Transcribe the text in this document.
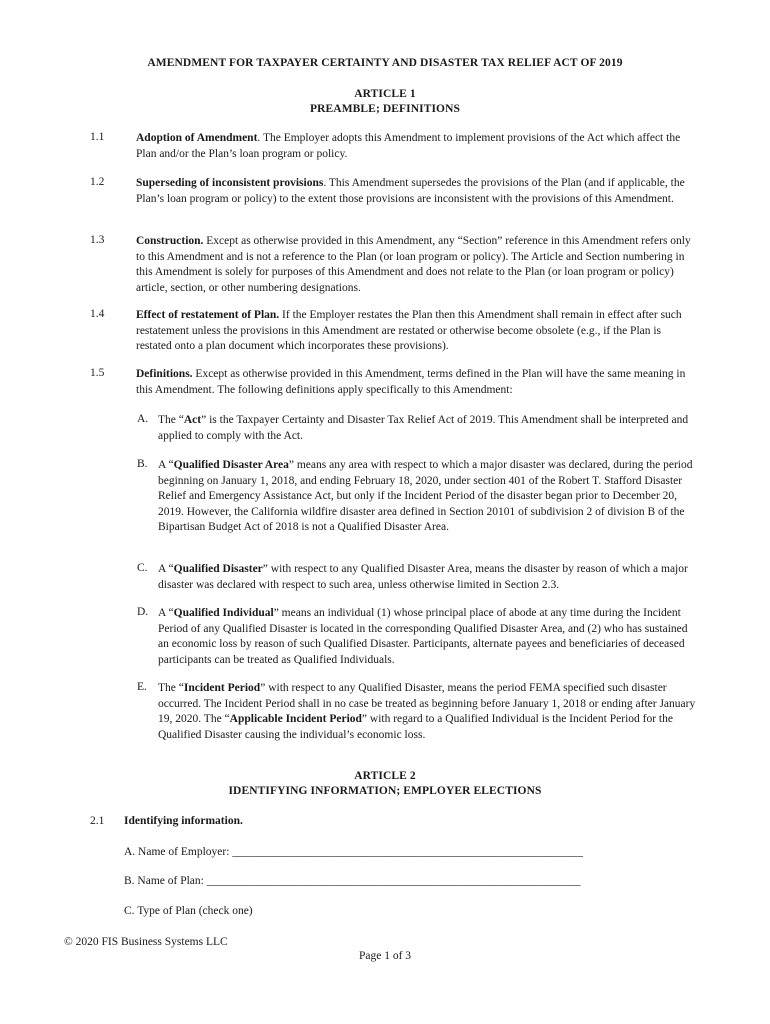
AMENDMENT FOR TAXPAYER CERTAINTY AND DISASTER TAX RELIEF ACT OF 2019
ARTICLE 1
PREAMBLE; DEFINITIONS
1.1	Adoption of Amendment. The Employer adopts this Amendment to implement provisions of the Act which affect the Plan and/or the Plan’s loan program or policy.
1.2	Superseding of inconsistent provisions. This Amendment supersedes the provisions of the Plan (and if applicable, the Plan’s loan program or policy) to the extent those provisions are inconsistent with the provisions of this Amendment.
1.3	Construction. Except as otherwise provided in this Amendment, any “Section” reference in this Amendment refers only to this Amendment and is not a reference to the Plan (or loan program or policy). The Article and Section numbering in this Amendment is solely for purposes of this Amendment and does not relate to the Plan (or loan program or policy) article, section, or other numbering designations.
1.4	Effect of restatement of Plan. If the Employer restates the Plan then this Amendment shall remain in effect after such restatement unless the provisions in this Amendment are restated or otherwise become obsolete (e.g., if the Plan is restated onto a plan document which incorporates these provisions).
1.5	Definitions. Except as otherwise provided in this Amendment, terms defined in the Plan will have the same meaning in this Amendment. The following definitions apply specifically to this Amendment:
A. The “Act” is the Taxpayer Certainty and Disaster Tax Relief Act of 2019. This Amendment shall be interpreted and applied to comply with the Act.
B. A “Qualified Disaster Area” means any area with respect to which a major disaster was declared, during the period beginning on January 1, 2018, and ending February 18, 2020, under section 401 of the Robert T. Stafford Disaster Relief and Emergency Assistance Act, but only if the Incident Period of the disaster began prior to December 20, 2019. However, the California wildfire disaster area defined in Section 20101 of subdivision 2 of division B of the Bipartisan Budget Act of 2018 is not a Qualified Disaster Area.
C. A “Qualified Disaster” with respect to any Qualified Disaster Area, means the disaster by reason of which a major disaster was declared with respect to such area, unless otherwise limited in Section 2.3.
D. A “Qualified Individual” means an individual (1) whose principal place of abode at any time during the Incident Period of any Qualified Disaster is located in the corresponding Qualified Disaster Area, and (2) who has sustained an economic loss by reason of such Qualified Disaster. Participants, alternate payees and beneficiaries of deceased participants can be treated as Qualified Individuals.
E. The “Incident Period” with respect to any Qualified Disaster, means the period FEMA specified such disaster occurred. The Incident Period shall in no case be treated as beginning before January 1, 2018 or ending after January 19, 2020. The “Applicable Incident Period” with regard to a Qualified Individual is the Incident Period for the Qualified Disaster causing the individual’s economic loss.
ARTICLE 2
IDENTIFYING INFORMATION; EMPLOYER ELECTIONS
2.1 Identifying information.
A. Name of Employer: _____________________________________________________________
B. Name of Plan: _________________________________________________________________
C. Type of Plan (check one)
© 2020 FIS Business Systems LLC
Page 1 of 3
